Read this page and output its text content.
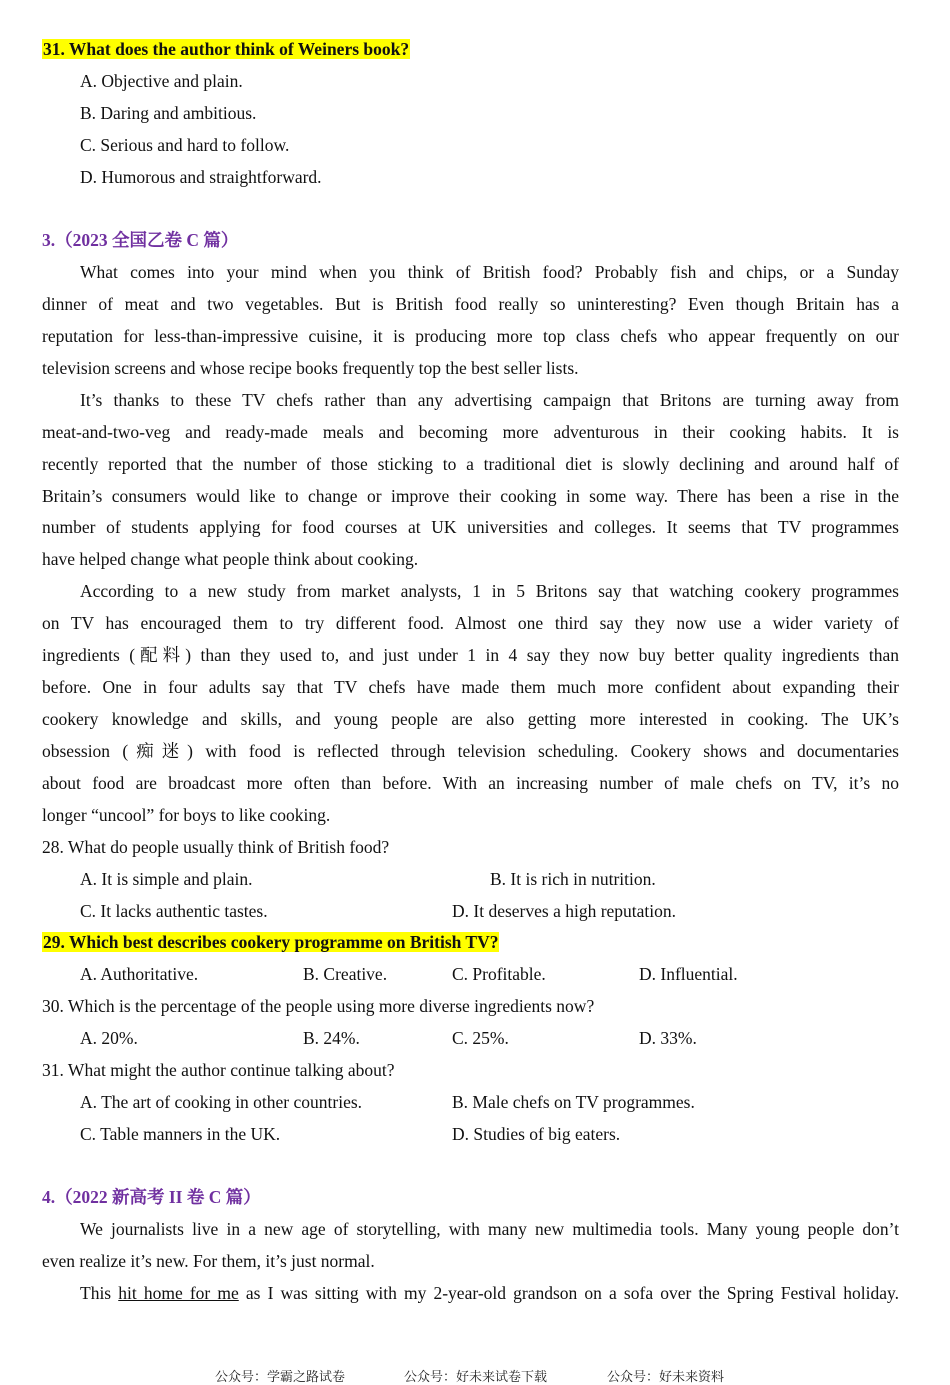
31. What does the author think of Weiners book?
A. Objective and plain.
B. Daring and ambitious.
C. Serious and hard to follow.
D. Humorous and straightforward.
3.（2023 全国乙卷 C 篇）
What comes into your mind when you think of British food? Probably fish and chips, or a Sunday
dinner of meat and two vegetables. But is British food really so uninteresting? Even though Britain has a
reputation for less-than-impressive cuisine, it is producing more top class chefs who appear frequently on our
television screens and whose recipe books frequently top the best seller lists.
It’s thanks to these TV chefs rather than any advertising campaign that Britons are turning away from
meat-and-two-veg and ready-made meals and becoming more adventurous in their cooking habits. It is
recently reported that the number of those sticking to a traditional diet is slowly declining and around half of
Britain’s consumers would like to change or improve their cooking in some way. There has been a rise in the
number of students applying for food courses at UK universities and colleges. It seems that TV programmes
have helped change what people think about cooking.
According to a new study from market analysts, 1 in 5 Britons say that watching cookery programmes
on TV has encouraged them to try different food. Almost one third say they now use a wider variety of
ingredients (配料) than they used to, and just under 1 in 4 say they now buy better quality ingredients than
before. One in four adults say that TV chefs have made them much more confident about expanding their
cookery knowledge and skills, and young people are also getting more interested in cooking. The UK’s
obsession (痴迷) with food is reflected through television scheduling. Cookery shows and documentaries
about food are broadcast more often than before. With an increasing number of male chefs on TV, it’s no
longer “uncool” for boys to like cooking.
28. What do people usually think of British food?
A. It is simple and plain.	B. It is rich in nutrition.
C. It lacks authentic tastes.	D. It deserves a high reputation.
29. Which best describes cookery programme on British TV?
A. Authoritative.	B. Creative.	C. Profitable.	D. Influential.
30. Which is the percentage of the people using more diverse ingredients now?
A. 20%.	B. 24%.	C. 25%.	D. 33%.
31. What might the author continue talking about?
A. The art of cooking in other countries.	B. Male chefs on TV programmes.
C. Table manners in the UK.	D. Studies of big eaters.
4.（2022 新高考 II 卷 C 篇）
We journalists live in a new age of storytelling, with many new multimedia tools. Many young people don’t
even realize it’s new. For them, it’s just normal.
This hit home for me as I was sitting with my 2-year-old grandson on a sofa over the Spring Festival holiday.
公众号：学霸之路试卷	公众号：好未来试卷下载	公众号：好未来资料
